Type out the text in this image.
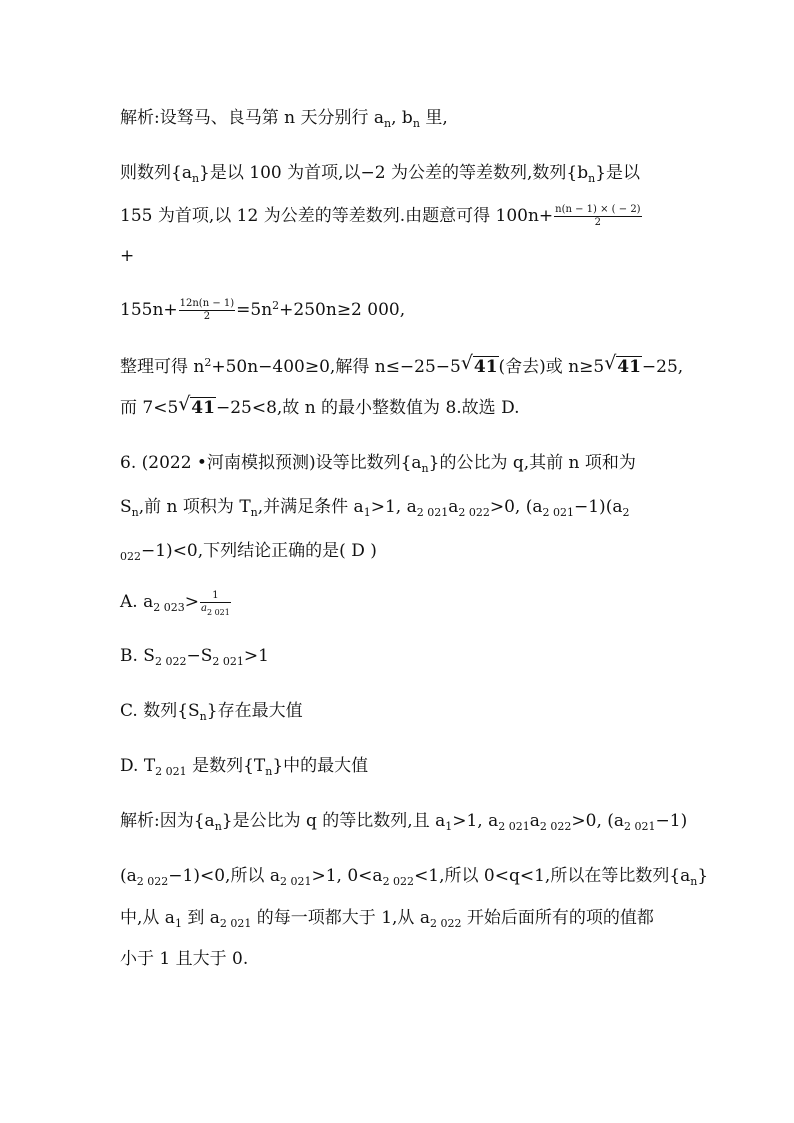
解析:设驽马、良马第 n 天分别行 $a_n$, $b_n$ 里,
则数列$\{a_n\}$是以 100 为首项,以−2 为公差的等差数列,数列$\{b_n\}$是以
155 为首项,以 12 为公差的等差数列.由题意可得 $100n+ \frac{n(n - 1) \times ( - 2)}{2}$
+
$155n+ \frac{12n(n - 1)}{2} =5n^2+250n\ge 2$ 000,
整理可得 $n^2+50n-400\ge 0$,解得 n≤−25−5 √ 41(舍去)或 n≥5 √ 41−25,
而 7<5 √ 41−25<8,故 n 的最小整数值为 8.故选 D.
6. (2022 •河南模拟预测)设等比数列$\{a_n\}$的公比为 q,其前 n 项和为
$S_n$,前 n 项积为 $T_n$,并满足条件 $a_1>1$, $a_{2 021}a_{2 022}>0$, $(a_{2 021}-1)(a_2$
$_{022}$−1)<0,下列结论正确的是( D )
A. $a_{2 023}> \frac{1}{a_{2 021}}$
B. $S_{2 022}-S_{2 021}>1$
C. 数列$\{S_n\}$存在最大值
D. $T_{2 021}$ 是数列$\{T_n\}$中的最大值
解析:因为$\{a_n\}$是公比为 q 的等比数列,且 $a_1>1$, $a_{2 021}a_{2 022}>0$, $(a_{2 021}-1)$
$(a_{2 022}-1)<0$,所以 $a_{2 021}>1$, $0<a_{2 022}<1$,所以 0<q<1,所以在等比数列$\{a_n\}$
中,从 $a_1$ 到 $a_{2 021}$ 的每一项都大于 1,从 $a_{2 022}$ 开始后面所有的项的值都
小于 1 且大于 0.
